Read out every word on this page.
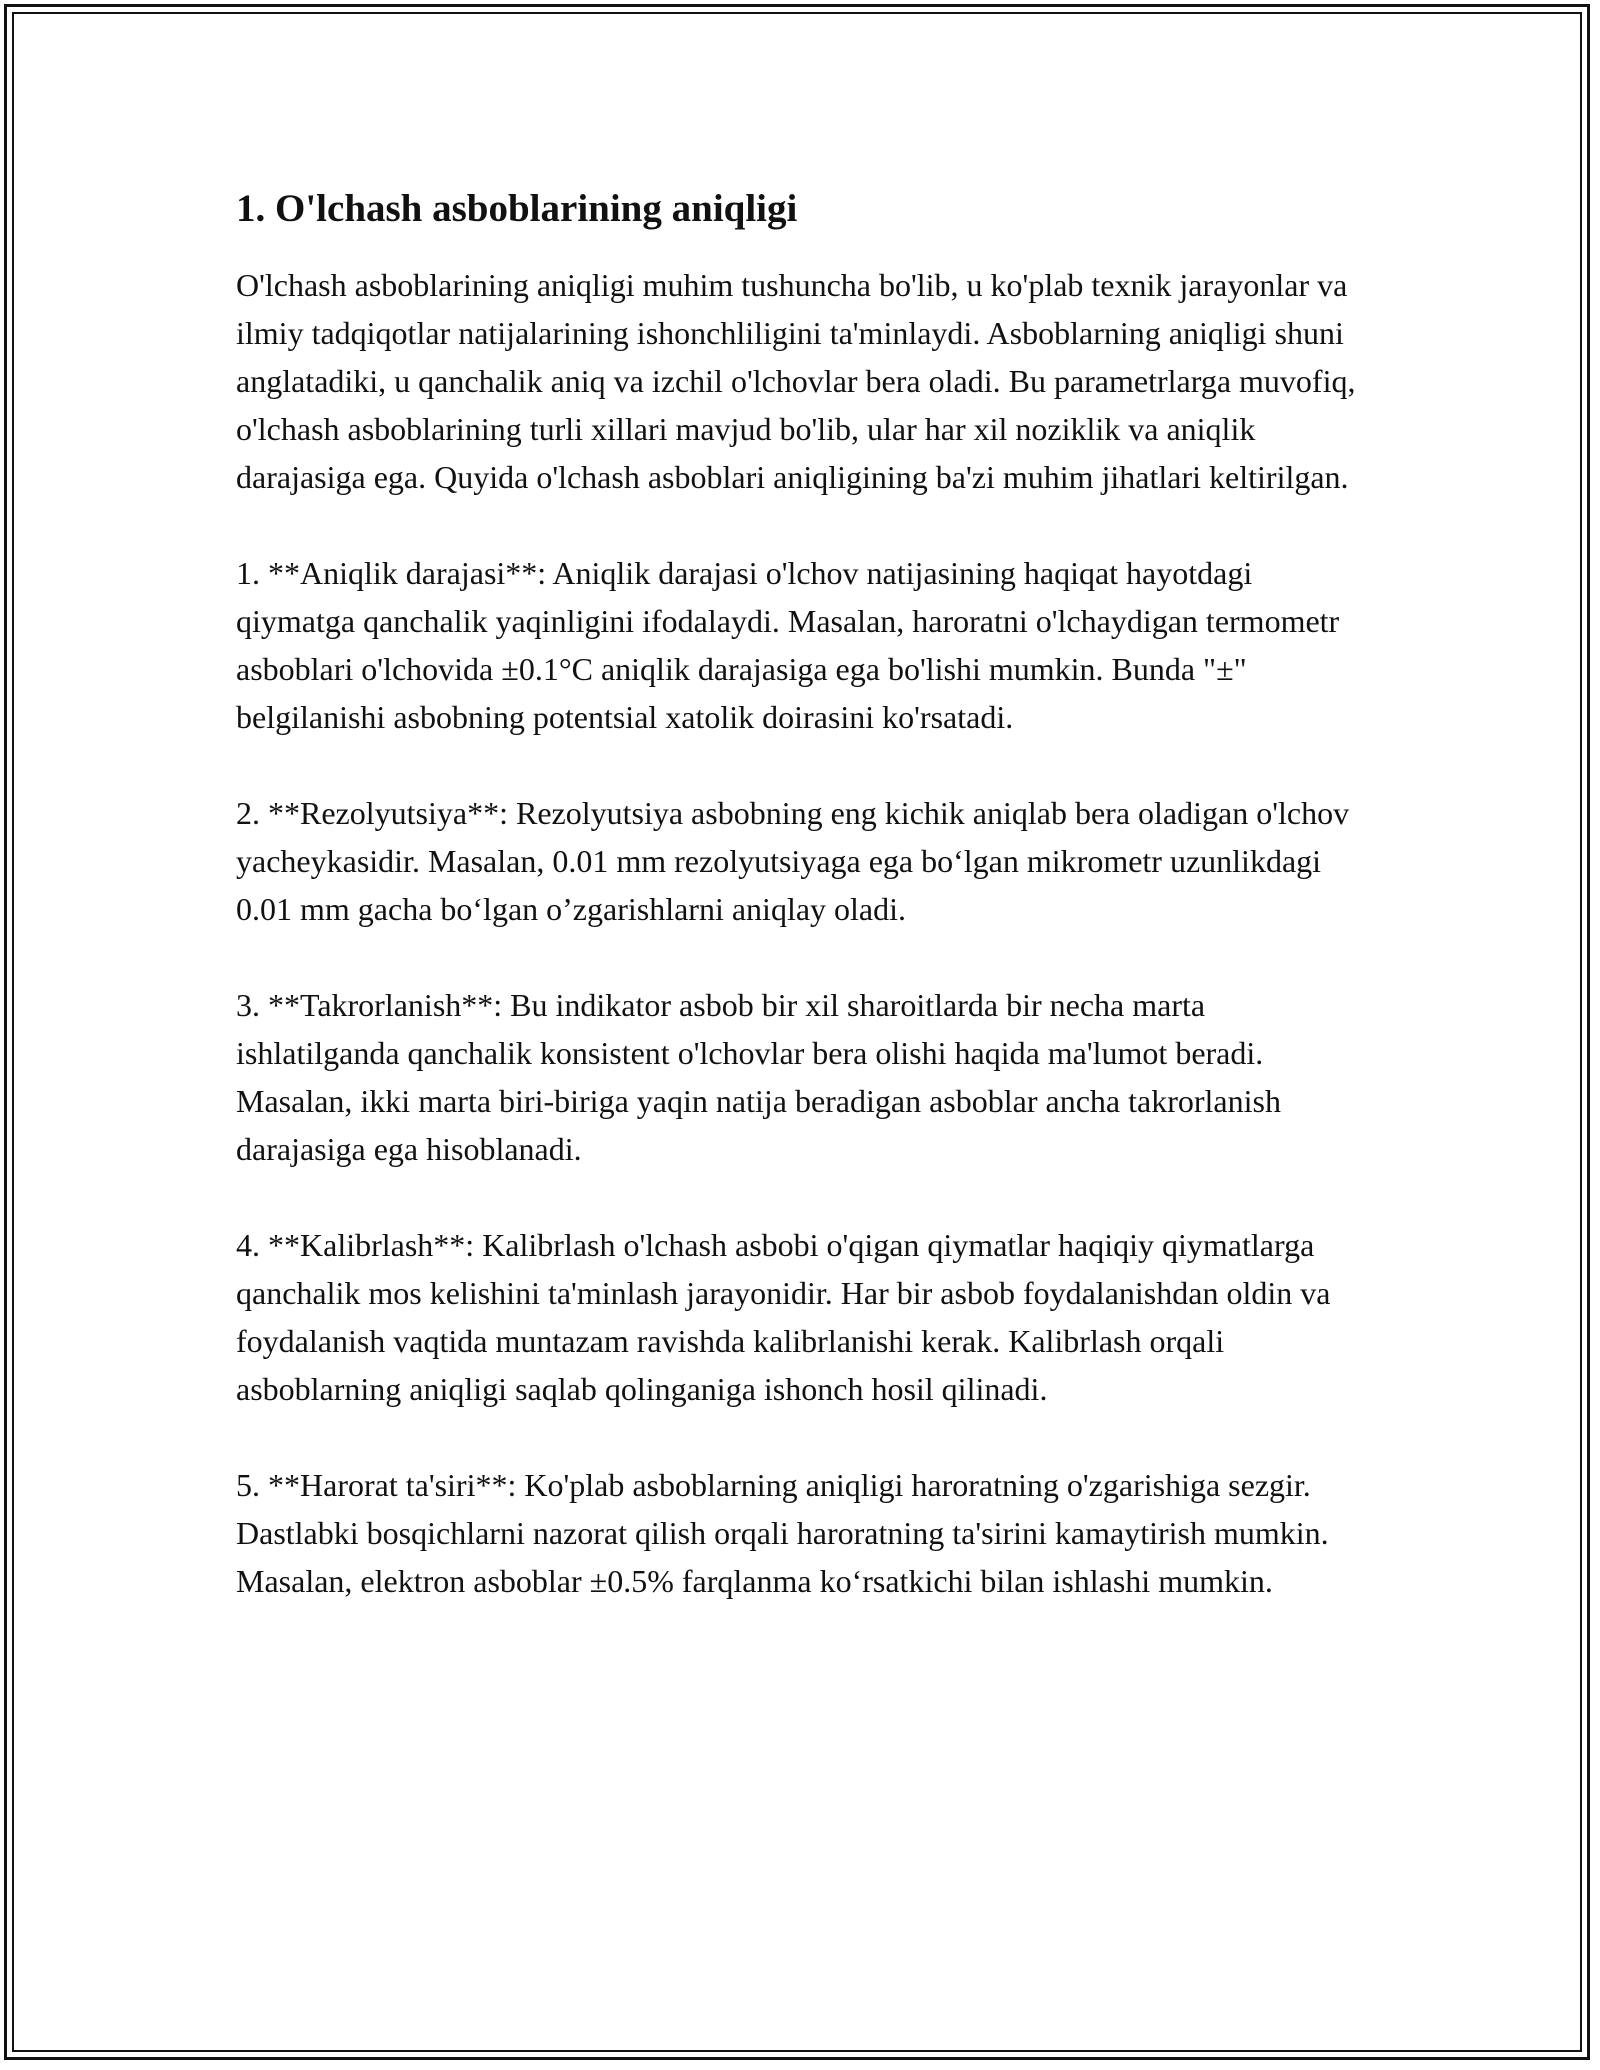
1. O'lchash asboblarining aniqligi

O'lchash asboblarining aniqligi muhim tushuncha bo'lib, u ko'plab texnik jarayonlar va ilmiy tadqiqotlar natijalarining ishonchliligini ta'minlaydi. Asboblarning aniqligi shuni anglatadiki, u qanchalik aniq va izchil o'lchovlar bera oladi. Bu parametrlarga muvofiq, o'lchash asboblarining turli xillari mavjud bo'lib, ular har xil noziklik va aniqlik darajasiga ega. Quyida o'lchash asboblari aniqligining ba'zi muhim jihatlari keltirilgan.

1. **Aniqlik darajasi**: Aniqlik darajasi o'lchov natijasining haqiqat hayotdagi qiymatga qanchalik yaqinligini ifodalaydi. Masalan, haroratni o'lchaydigan termometr asboblari o'lchovida ±0.1°C aniqlik darajasiga ega bo'lishi mumkin. Bunda "±" belgilanishi asbobning potentsial xatolik doirasini ko'rsatadi.

2. **Rezolyutsiya**: Rezolyutsiya asbobning eng kichik aniqlab bera oladigan o'lchov yacheykasidir. Masalan, 0.01 mm rezolyutsiyaga ega bo‘lgan mikrometr uzunlikdagi 0.01 mm gacha bo‘lgan o’zgarishlarni aniqlay oladi.

3. **Takrorlanish**: Bu indikator asbob bir xil sharoitlarda bir necha marta ishlatilganda qanchalik konsistent o'lchovlar bera olishi haqida ma'lumot beradi. Masalan, ikki marta biri-biriga yaqin natija beradigan asboblar ancha takrorlanish darajasiga ega hisoblanadi.

4. **Kalibrlash**: Kalibrlash o'lchash asbobi o'qigan qiymatlar haqiqiy qiymatlarga qanchalik mos kelishini ta'minlash jarayonidir. Har bir asbob foydalanishdan oldin va foydalanish vaqtida muntazam ravishda kalibrlanishi kerak. Kalibrlash orqali asboblarning aniqligi saqlab qolinganiga ishonch hosil qilinadi.

5. **Harorat ta'siri**: Ko'plab asboblarning aniqligi haroratning o'zgarishiga sezgir. Dastlabki bosqichlarni nazorat qilish orqali haroratning ta'sirini kamaytirish mumkin. Masalan, elektron asboblar ±0.5% farqlanma ko‘rsatkichi bilan ishlashi mumkin.
